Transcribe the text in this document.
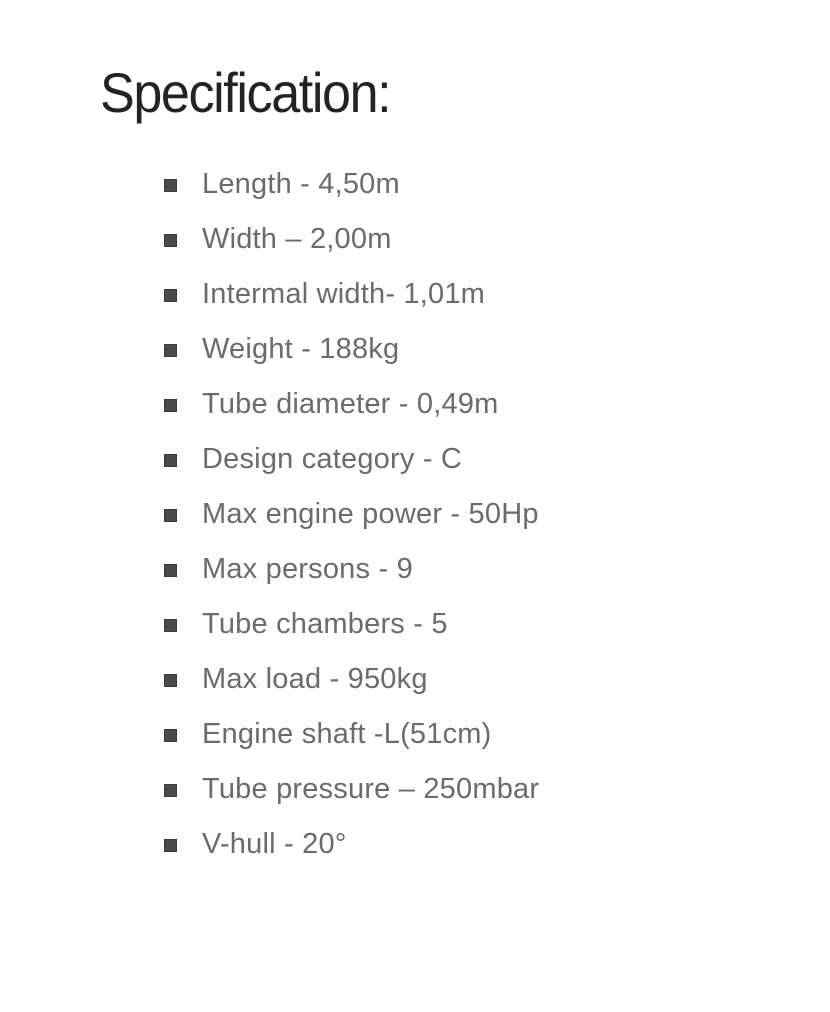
Specification:
Length - 4,50m
Width – 2,00m
Intermal width- 1,01m
Weight - 188kg
Tube diameter - 0,49m
Design category - C
Max engine power - 50Hp
Max persons - 9
Tube chambers - 5
Max load - 950kg
Engine shaft -L(51cm)
Tube pressure – 250mbar
V-hull - 20°
